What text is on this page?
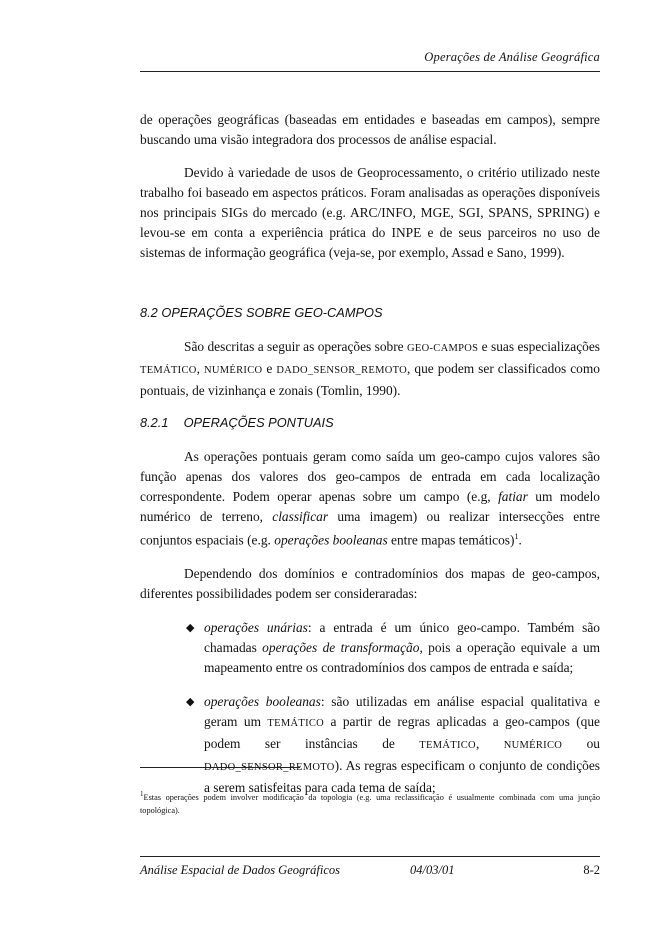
Operações de Análise Geográfica

de operações geográficas (baseadas em entidades e baseadas em campos), sempre buscando uma visão integradora dos processos de análise espacial.

Devido à variedade de usos de Geoprocessamento, o critério utilizado neste trabalho foi baseado em aspectos práticos. Foram analisadas as operações disponíveis nos principais SIGs do mercado (e.g. ARC/INFO, MGE, SGI, SPANS, SPRING) e levou-se em conta a experiência prática do INPE e de seus parceiros no uso de sistemas de informação geográfica (veja-se, por exemplo, Assad e Sano, 1999).

8.2 OPERAÇÕES SOBRE GEO-CAMPOS

São descritas a seguir as operações sobre GEO-CAMPOS e suas especializações TEMÁTICO, NUMÉRICO e DADO_SENSOR_REMOTO, que podem ser classificados como pontuais, de vizinhança e zonais (Tomlin, 1990).

8.2.1 OPERAÇÕES PONTUAIS

As operações pontuais geram como saída um geo-campo cujos valores são função apenas dos valores dos geo-campos de entrada em cada localização correspondente. Podem operar apenas sobre um campo (e.g, fatiar um modelo numérico de terreno, classificar uma imagem) ou realizar intersecções entre conjuntos espaciais (e.g. operações booleanas entre mapas temáticos)$^1$.

Dependendo dos domínios e contradomínios dos mapas de geo-campos, diferentes possibilidades podem ser consideraradas:

◆ operações unárias: a entrada é um único geo-campo. Também são chamadas operações de transformação, pois a operação equivale a um mapeamento entre os contradomínios dos campos de entrada e saída;
◆ operações booleanas: são utilizadas em análise espacial qualitativa e geram um TEMÁTICO a partir de regras aplicadas a geo-campos (que podem ser instâncias de TEMÁTICO, NUMÉRICO ou DADO_SENSOR_REMOTO). As regras especificam o conjunto de condições a serem satisfeitas para cada tema de saída;
$^1$Estas operações podem involver modificação da topologia (e.g. uma reclassificação é usualmente combinada com uma junção topológica).
Análise Espacial de Dados Geográficos	04/03/01	8-2
